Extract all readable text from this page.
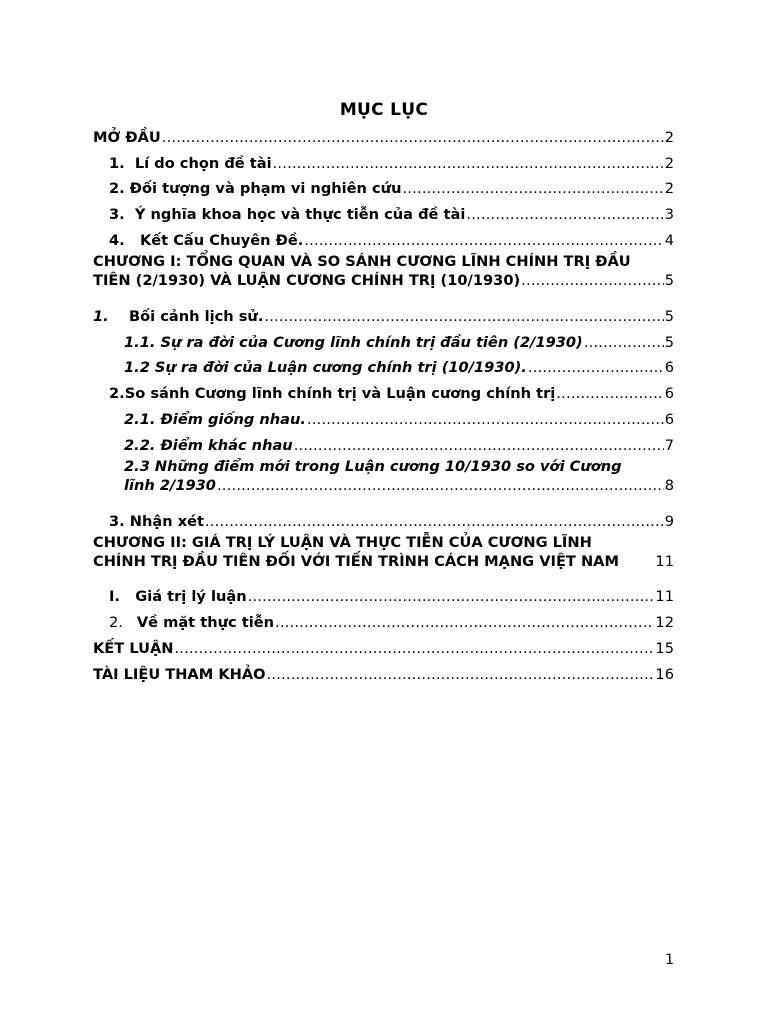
MỤC LỤC
MỞ ĐẦU .....	2
1.  Lí do chọn đề tài .....	2
2. Đối tượng và phạm vi nghiên cứu .....	2
3.  Ý nghĩa khoa học và thực tiễn của đề tài .....	3
4. Kết Cấu Chuyên Đề. .....	4
CHƯƠNG I: TỔNG QUAN VÀ SO SÁNH CƯƠNG LĨNH CHÍNH TRỊ ĐẦU
TIÊN (2/1930) VÀ LUẬN CƯƠNG CHÍNH TRỊ (10/1930) .....	5
1. Bối cảnh lịch sử. .....	5
1.1. Sự ra đời của Cương lĩnh chính trị đầu tiên (2/1930) .....	5
1.2 Sự ra đời của Luận cương chính trị (10/1930). .....	6
2.So sánh Cương lĩnh chính trị và Luận cương chính trị .....	6
2.1. Điểm giống nhau. .....	6
2.2. Điểm khác nhau .....	7
2.3 Những điểm mới trong Luận cương 10/1930 so với Cương
lĩnh 2/1930 .....	8
3. Nhận xét .....	9
CHƯƠNG II: GIÁ TRỊ LÝ LUẬN VÀ THỰC TIỄN CỦA CƯƠNG LĨNH
CHÍNH TRỊ ĐẦU TIÊN ĐỐI VỚI TIẾN TRÌNH CÁCH MẠNG VIỆT NAM 11
I. Giá trị lý luận .....	11
2. Về mặt thực tiễn .....	12
KẾT LUẬN .....	15
TÀI LIỆU THAM KHẢO .....	16
1
